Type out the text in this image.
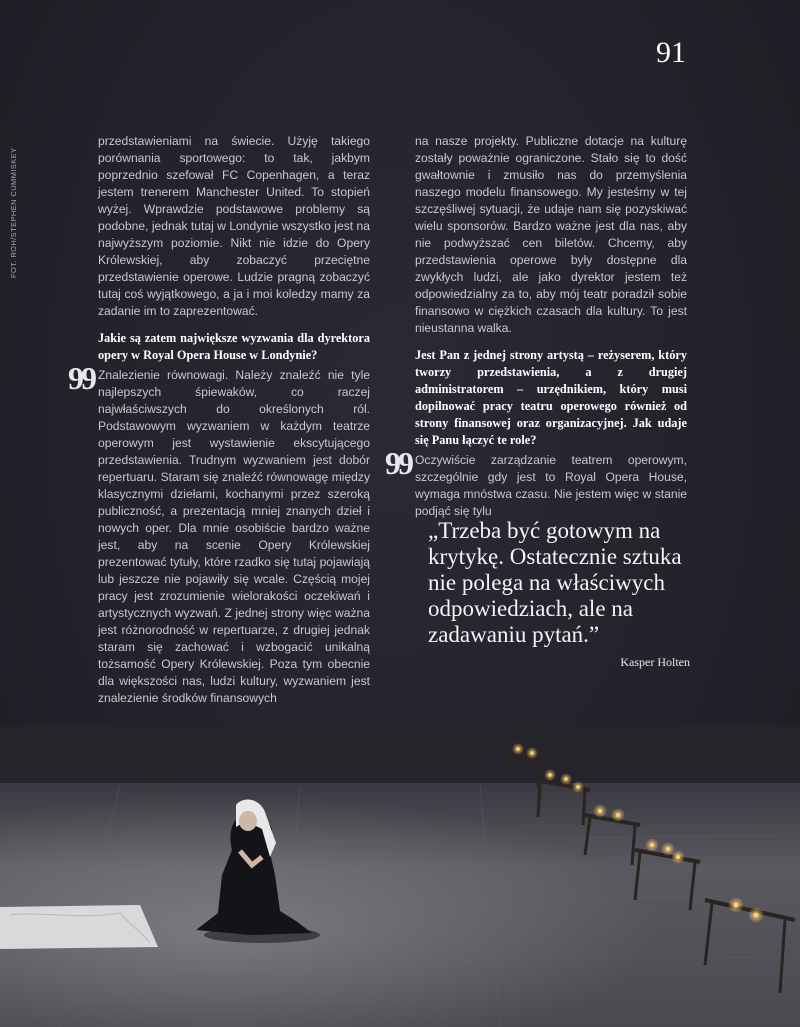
91
FOT. ROH/STEPHEN CUMMISKEY

przedstawieniami na świecie. Użyję takiego porównania sportowego: to tak, jakbym poprzednio szefował FC Copenhagen, a teraz jestem trenerem Manchester United. To stopień wyżej. Wprawdzie podstawowe problemy są podobne, jednak tutaj w Londynie wszystko jest na najwyższym poziomie. Nikt nie idzie do Opery Królewskiej, aby zobaczyć przeciętne przedstawienie operowe. Ludzie pragną zobaczyć tutaj coś wyjątkowego, a ja i moi koledzy mamy za zadanie im to zaprezentować.

Jakie są zatem największe wyzwania dla dyrektora opery w Royal Opera House w Londynie?

99 Znalezienie równowagi. Należy znaleźć nie tyle najlepszych śpiewaków, co raczej najwłaściwszych do określonych ról. Podstawowym wyzwaniem w każdym teatrze operowym jest wystawienie ekscytującego przedstawienia. Trudnym wyzwaniem jest dobór repertuaru. Staram się znaleźć równowagę między klasycznymi dziełami, kochanymi przez szeroką publiczność, a prezentacją mniej znanych dzieł i nowych oper. Dla mnie osobiście bardzo ważne jest, aby na scenie Opery Królewskiej prezentować tytuły, które rzadko się tutaj pojawiają lub jeszcze nie pojawiły się wcale. Częścią mojej pracy jest zrozumienie wielorakości oczekiwań i artystycznych wyzwań. Z jednej strony więc ważna jest różnorodność w repertuarze, z drugiej jednak staram się zachować i wzbogacić unikalną tożsamość Opery Królewskiej. Poza tym obecnie dla większości nas, ludzi kultury, wyzwaniem jest znalezienie środków finansowych

na nasze projekty. Publiczne dotacje na kulturę zostały poważnie ograniczone. Stało się to dość gwałtownie i zmusiło nas do przemyślenia naszego modelu finansowego. My jesteśmy w tej szczęśliwej sytuacji, że udaje nam się pozyskiwać wielu sponsorów. Bardzo ważne jest dla nas, aby nie podwyższać cen biletów. Chcemy, aby przedstawienia operowe były dostępne dla zwykłych ludzi, ale jako dyrektor jestem też odpowiedzialny za to, aby mój teatr poradził sobie finansowo w ciężkich czasach dla kultury. To jest nieustanna walka.

Jest Pan z jednej strony artystą – reżyserem, który tworzy przedstawienia, a z drugiej administratorem – urzędnikiem, który musi dopilnować pracy teatru operowego również od strony finansowej oraz organizacyjnej. Jak udaje się Panu łączyć te role?

99 Oczywiście zarządzanie teatrem operowym, szczególnie gdy jest to Royal Opera House, wymaga mnóstwa czasu. Nie jestem więc w stanie podjąć się tylu

„Trzeba być gotowym na krytykę. Ostatecznie sztuka nie polega na właściwych odpowiedziach, ale na zadawaniu pytań.”
Kasper Holten
